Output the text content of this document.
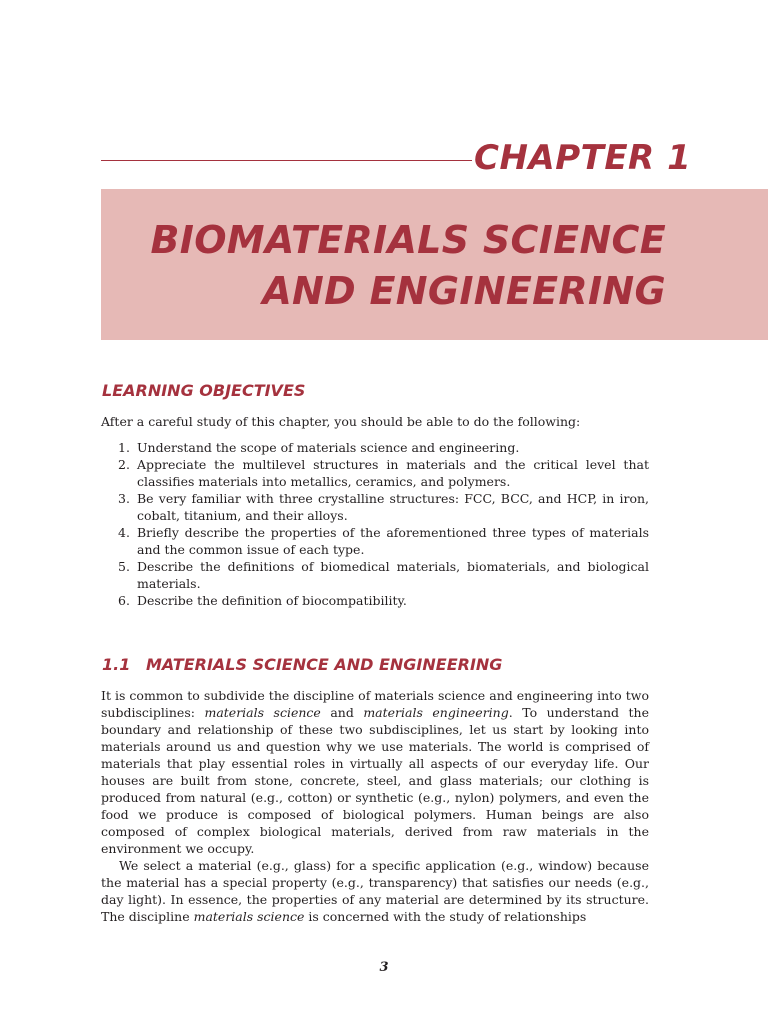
CHAPTER 1
BIOMATERIALS SCIENCE
AND ENGINEERING
LEARNING OBJECTIVES
After a careful study of this chapter, you should be able to do the following:
1. Understand the scope of materials science and engineering.
2. Appreciate the multilevel structures in materials and the critical level that classifies materials into metallics, ceramics, and polymers.
3. Be very familiar with three crystalline structures: FCC, BCC, and HCP, in iron, cobalt, titanium, and their alloys.
4. Briefly describe the properties of the aforementioned three types of materials and the common issue of each type.
5. Describe the definitions of biomedical materials, biomaterials, and biological materials.
6. Describe the definition of biocompatibility.
1.1 MATERIALS SCIENCE AND ENGINEERING

It is common to subdivide the discipline of materials science and engineering into two subdisciplines: materials science and materials engineering. To understand the boundary and relationship of these two subdisciplines, let us start by looking into materials around us and question why we use materials. The world is comprised of materials that play essential roles in virtually all aspects of our everyday life. Our houses are built from stone, concrete, steel, and glass materials; our clothing is produced from natural (e.g., cotton) or synthetic (e.g., nylon) polymers, and even the food we produce is composed of biological polymers. Human beings are also composed of complex biological materials, derived from raw materials in the environment we occupy.

We select a material (e.g., glass) for a specific application (e.g., window) because the material has a special property (e.g., transparency) that satisfies our needs (e.g., day light). In essence, the properties of any material are determined by its structure. The discipline materials science is concerned with the study of relationships

3
